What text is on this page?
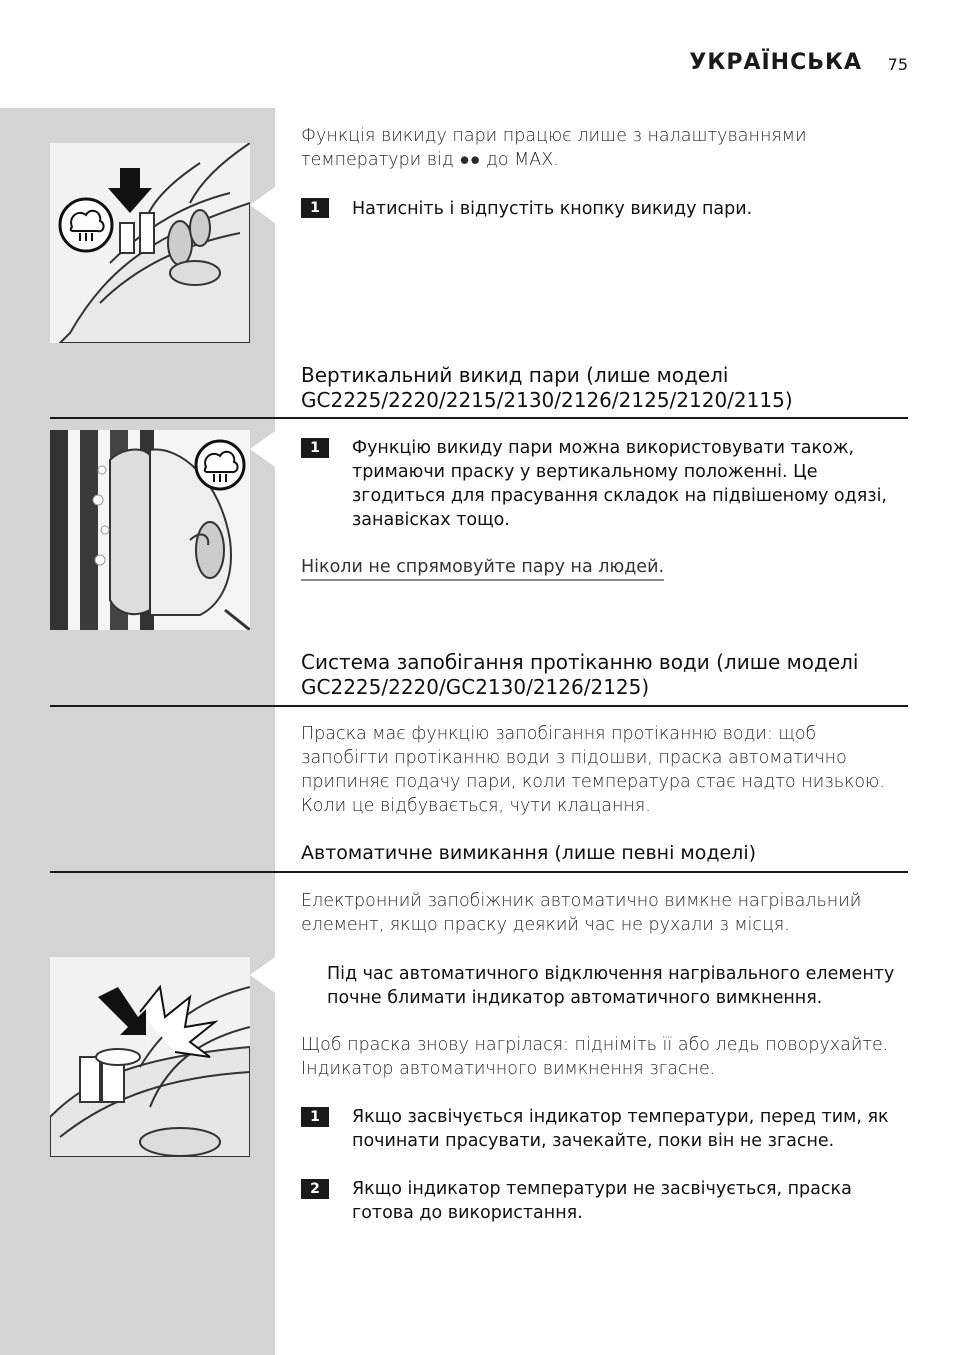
УКРАЇНСЬКА 75
Функція викиду пари працює лише з налаштуваннями температури від ●● до MAX.
1	Натисніть і відпустіть кнопку викиду пари.
Вертикальний викид пари (лише моделі GC2225/2220/2215/2130/2126/2125/2120/2115)
1	Функцію викиду пари можна використовувати також, тримаючи праску у вертикальному положенні. Це згодиться для прасування складок на підвішеному одязі, занавісках тощо.
Ніколи не спрямовуйте пару на людей.
Система запобігання протіканню води (лише моделі GC2225/2220/GC2130/2126/2125)
Праска має функцію запобігання протіканню води: щоб запобігти протіканню води з підошви, праска автоматично припиняє подачу пари, коли температура стає надто низькою. Коли це відбувається, чути клацання.
Автоматичне вимикання (лише певні моделі)
Електронний запобіжник автоматично вимкне нагрівальний елемент, якщо праску деякий час не рухали з місця.
Під час автоматичного відключення нагрівального елементу почне блимати індикатор автоматичного вимкнення.
Щоб праска знову нагрілася: підніміть її або ледь поворухайте. Індикатор автоматичного вимкнення згасне.
1	Якщо засвічується індикатор температури, перед тим, як починати прасувати, зачекайте, поки він не згасне.
2	Якщо індикатор температури не засвічується, праска готова до використання.
